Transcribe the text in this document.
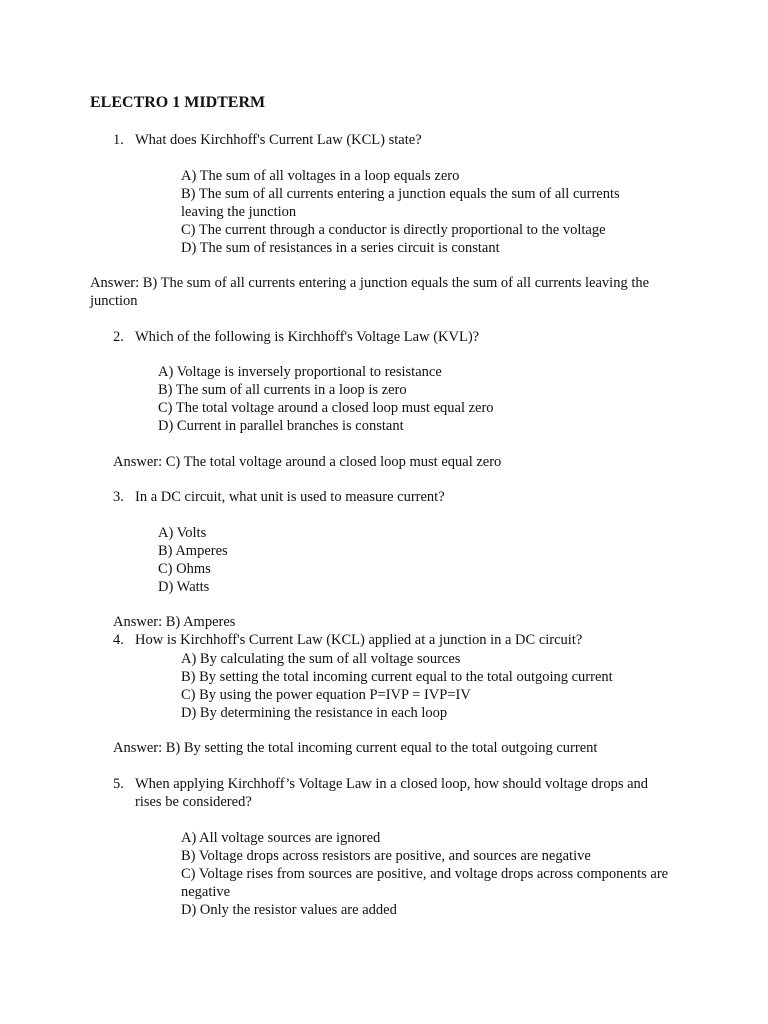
ELECTRO 1 MIDTERM
1. What does Kirchhoff's Current Law (KCL) state?
A) The sum of all voltages in a loop equals zero
B) The sum of all currents entering a junction equals the sum of all currents leaving the junction
C) The current through a conductor is directly proportional to the voltage
D) The sum of resistances in a series circuit is constant
Answer: B) The sum of all currents entering a junction equals the sum of all currents leaving the junction
2. Which of the following is Kirchhoff's Voltage Law (KVL)?
A) Voltage is inversely proportional to resistance
B) The sum of all currents in a loop is zero
C) The total voltage around a closed loop must equal zero
D) Current in parallel branches is constant
Answer: C) The total voltage around a closed loop must equal zero
3. In a DC circuit, what unit is used to measure current?
A) Volts
B) Amperes
C) Ohms
D) Watts
Answer: B) Amperes
4. How is Kirchhoff's Current Law (KCL) applied at a junction in a DC circuit?
A) By calculating the sum of all voltage sources
B) By setting the total incoming current equal to the total outgoing current
C) By using the power equation P=IVP = IVP=IV
D) By determining the resistance in each loop
Answer: B) By setting the total incoming current equal to the total outgoing current
5. When applying Kirchhoff’s Voltage Law in a closed loop, how should voltage drops and rises be considered?
A) All voltage sources are ignored
B) Voltage drops across resistors are positive, and sources are negative
C) Voltage rises from sources are positive, and voltage drops across components are negative
D) Only the resistor values are added
